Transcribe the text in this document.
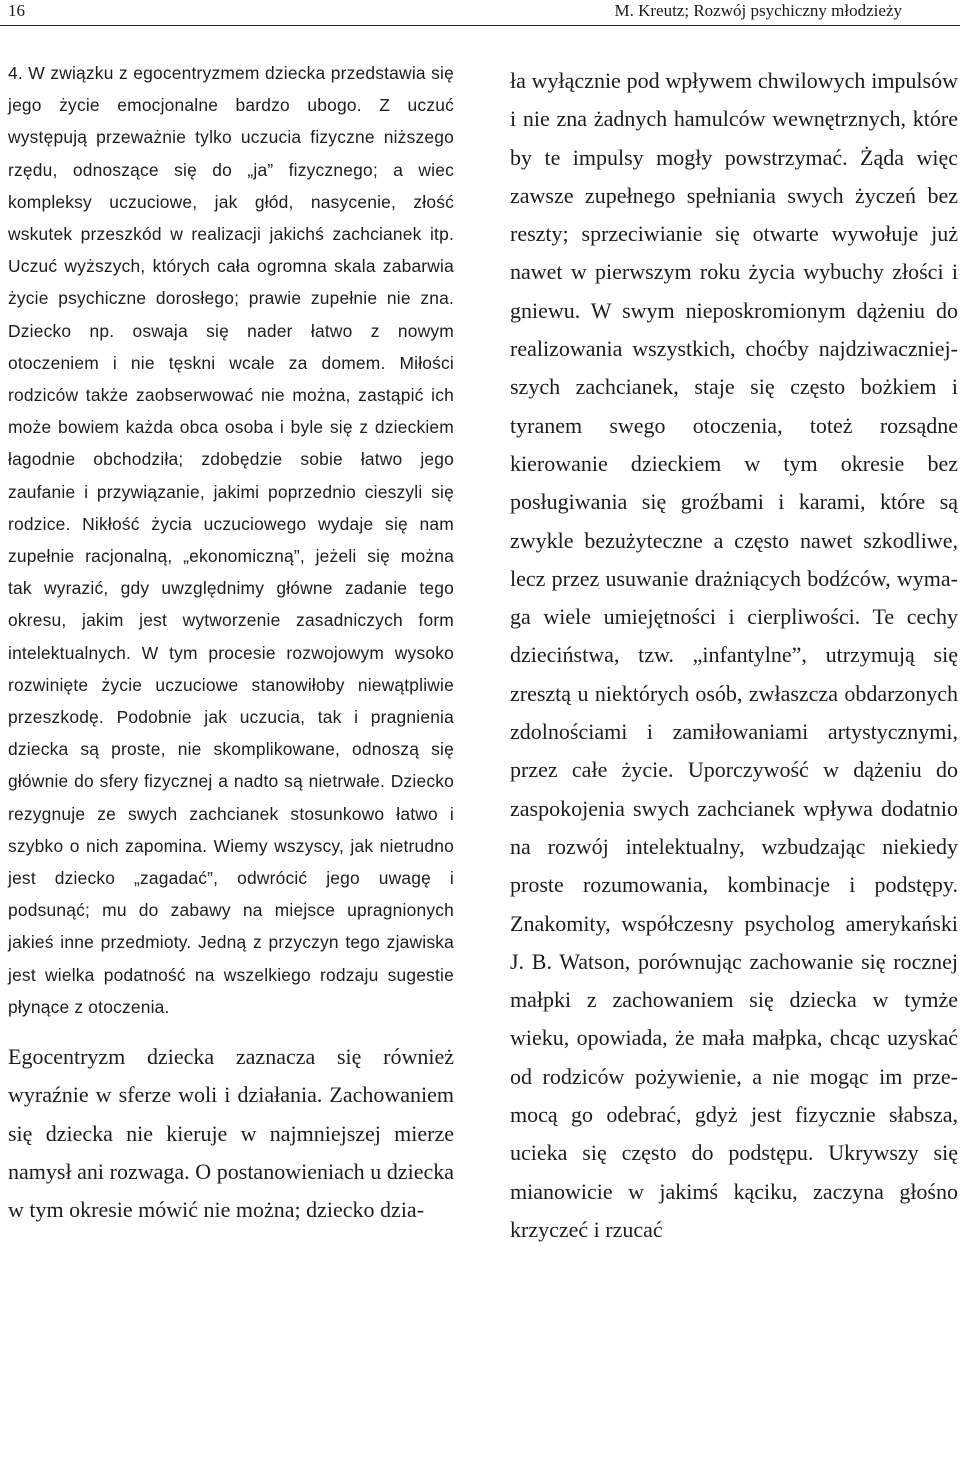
16	M. Kreutz; Rozwój psychiczny młodzieży

4. W związku z egocentryzmem dziecka przedstawia się jego życie emocjonalne bardzo ubogo. Z uczuć występują przeważnie tylko uczucia fizyczne niższego rzędu, odnoszące się do „ja” fizycznego; a wiec kompleksy uczuciowe, jak głód, nasycenie, złość wskutek przeszkód w realizacji jakichś zachcianek itp. Uczuć wyższych, których cała ogromna skala zabarwia życie psychiczne dorosłego; prawie zupełnie nie zna. Dziecko np. oswaja się nader łatwo z nowym otoczeniem i nie tęskni wcale za domem. Miłości rodziców także zaobserwować nie można, zastąpić ich może bowiem każda obca osoba i byle się z dzieckiem łagodnie obchodziła; zdobędzie sobie łatwo jego zaufanie i przywiązanie, jakimi poprzednio cieszyli się rodzice. Nikłość życia uczuciowego wydaje się nam zupełnie racjonalną, „ekonomiczną”, jeżeli się można tak wyrazić, gdy uwzględnimy główne zadanie tego okresu, jakim jest wytworzenie zasadniczych form intelektualnych. W tym procesie rozwojowym wysoko rozwinięte życie uczuciowe stanowiłoby niewątpliwie przeszkodę. Podobnie jak uczucia, tak i pragnienia dziecka są proste, nie skomplikowane, odnoszą się głównie do sfery fizycznej a nadto są nietrwałe. Dziecko rezygnuje ze swych zachcianek stosunkowo łatwo i szybko o nich zapomina. Wiemy wszyscy, jak nietrudno jest dziecko „zagadać”, odwrócić jego uwagę i podsunąć; mu do zabawy na miejsce upragnionych jakieś inne przedmioty. Jedną z przyczyn tego zjawiska jest wielka podatność na wszelkiego rodzaju sugestie płynące z otoczenia.

Egocentryzm dziecka zaznacza się również wyraźnie w sferze woli i działania. Zachowaniem się dziecka nie kieruje w najmniejszej mierze namysł ani rozwaga. O postanowieniach u dziecka w tym okresie mówić nie można; dziecko dzia-

ła wyłącznie pod wpływem chwilowych impulsów i nie zna żadnych hamulców wewnętrznych, które by te impulsy mogły powstrzymać. Żąda więc zawsze zupełnego spełniania swych życzeń bez reszty; sprzeciwianie się otwarte wywołuje już nawet w pierwszym roku życia wybuchy złości i gniewu. W swym nieposkromionym dążeniu do realizowania wszystkich, choćby najdziwaczniejszych zachcianek, staje się często bożkiem i tyranem swego otoczenia, toteż rozsądne kierowanie dzieckiem w tym okresie bez posługiwania się groźbami i karami, które są zwykle bezużyteczne a często nawet szkodliwe, lecz przez usuwanie drażniących bodźców, wymaga wiele umiejętności i cierpliwości. Te cechy dzieciństwa, tzw. „infantylne”, utrzymują się zresztą u niektórych osób, zwłaszcza obdarzonych zdolnościami i zamiłowaniami artystycznymi, przez całe życie. Uporczywość w dążeniu do zaspokojenia swych zachcianek wpływa dodatnio na rozwój intelektualny, wzbudzając niekiedy proste rozumowania, kombinacje i podstępy. Znakomity, współczesny psycholog amerykański J. B. Watson, porównując zachowanie się rocznej małpki z zachowaniem się dziecka w tymże wieku, opowiada, że mała małpka, chcąc uzyskać od rodziców pożywienie, a nie mogąc im przemocą go odebrać, gdyż jest fizycznie słabsza, ucieka się często do podstępu. Ukrywszy się mianowicie w jakimś kąciku, zaczyna głośno krzyczeć i rzucać
